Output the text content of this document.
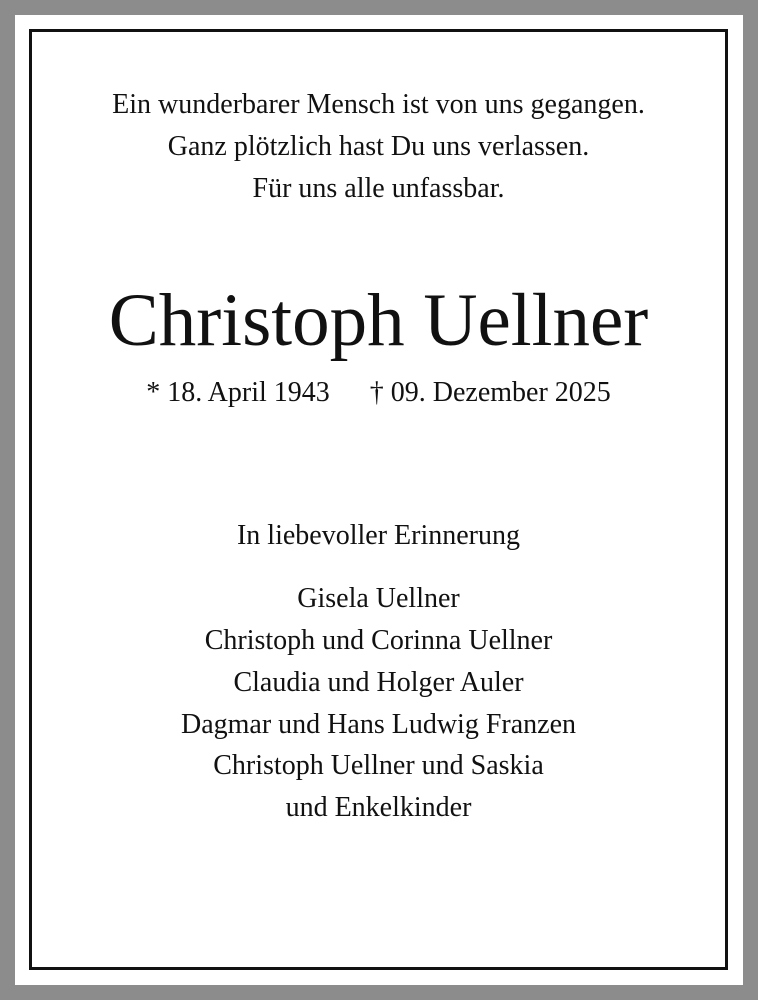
Ein wunderbarer Mensch ist von uns gegangen.
Ganz plötzlich hast Du uns verlassen.
Für uns alle unfassbar.
Christoph Uellner
* 18. April 1943 † 09. Dezember 2025
In liebevoller Erinnerung
Gisela Uellner
Christoph und Corinna Uellner
Claudia und Holger Auler
Dagmar und Hans Ludwig Franzen
Christoph Uellner und Saskia
und Enkelkinder
